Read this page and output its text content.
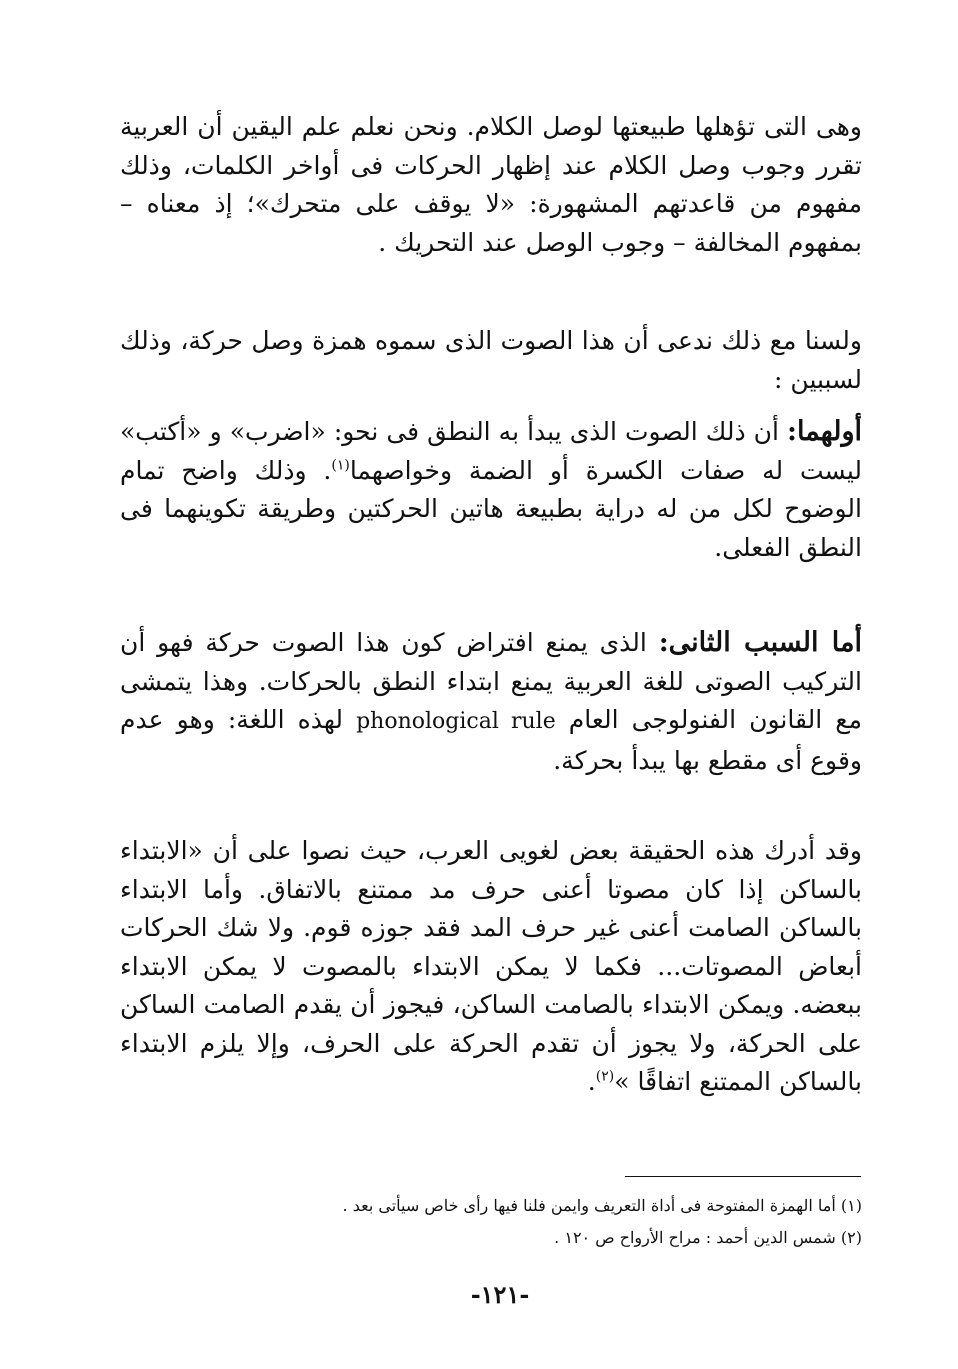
وهى التى تؤهلها طبيعتها لوصل الكلام. ونحن نعلم علم اليقين أن العربية تقرر وجوب وصل الكلام عند إظهار الحركات فى أواخر الكلمات، وذلك مفهوم من قاعدتهم المشهورة: «لا يوقف على متحرك»؛ إذ معناه – بمفهوم المخالفة – وجوب الوصل عند التحريك .

ولسنا مع ذلك ندعى أن هذا الصوت الذى سموه همزة وصل حركة، وذلك لسببين :

أولهما: أن ذلك الصوت الذى يبدأ به النطق فى نحو: «اضرب» و «أكتب» ليست له صفات الكسرة أو الضمة وخواصهما$^{(١)}$. وذلك واضح تمام الوضوح لكل من له دراية بطبيعة هاتين الحركتين وطريقة تكوينهما فى النطق الفعلى.

أما السبب الثانى: الذى يمنع افتراض كون هذا الصوت حركة فهو أن التركيب الصوتى للغة العربية يمنع ابتداء النطق بالحركات. وهذا يتمشى مع القانون الفنولوجى العام phonological rule لهذه اللغة: وهو عدم وقوع أى مقطع بها يبدأ بحركة.

وقد أدرك هذه الحقيقة بعض لغويى العرب، حيث نصوا على أن «الابتداء بالساكن إذا كان مصوتا أعنى حرف مد ممتنع بالاتفاق. وأما الابتداء بالساكن الصامت أعنى غير حرف المد فقد جوزه قوم. ولا شك الحركات أبعاض المصوتات... فكما لا يمكن الابتداء بالمصوت لا يمكن الابتداء ببعضه. ويمكن الابتداء بالصامت الساكن، فيجوز أن يقدم الصامت الساكن على الحركة، ولا يجوز أن تقدم الحركة على الحرف، وإلا يلزم الابتداء بالساكن الممتنع اتفاقًا »$^{(٢)}$.

(١) أما الهمزة المفتوحة فى أداة التعريف وايمن فلنا فيها رأى خاص سيأتى بعد .

(٢) شمس الدين أحمد : مراح الأرواح ص ١٢٠ .

-١٢١-
